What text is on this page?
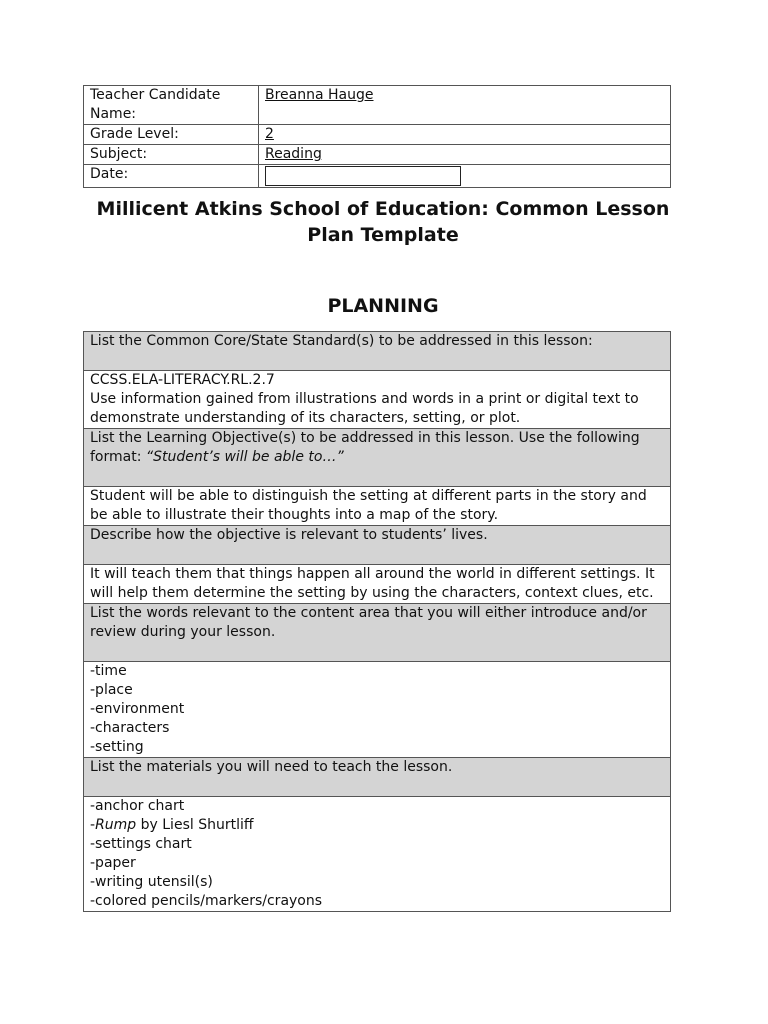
Teacher Candidate Name:	Breanna Hauge
Grade Level:	2
Subject:	Reading
Date:	
Millicent Atkins School of Education: Common Lesson Plan Template
PLANNING
List the Common Core/State Standard(s) to be addressed in this lesson:

CCSS.ELA-LITERACY.RL.2.7
Use information gained from illustrations and words in a print or digital text to demonstrate understanding of its characters, setting, or plot.

List the Learning Objective(s) to be addressed in this lesson. Use the following format: “Student’s will be able to…”
Student will be able to distinguish the setting at different parts in the story and be able to illustrate their thoughts into a map of the story.
Describe how the objective is relevant to students’ lives.
It will teach them that things happen all around the world in different settings. It will help them determine the setting by using the characters, context clues, etc.
List the words relevant to the content area that you will either introduce and/or review during your lesson.

-time
-place
-environment
-characters
-setting

List the materials you will need to teach the lesson.

-anchor chart
-Rump by Liesl Shurtliff
-settings chart
-paper
-writing utensil(s)
-colored pencils/markers/crayons
